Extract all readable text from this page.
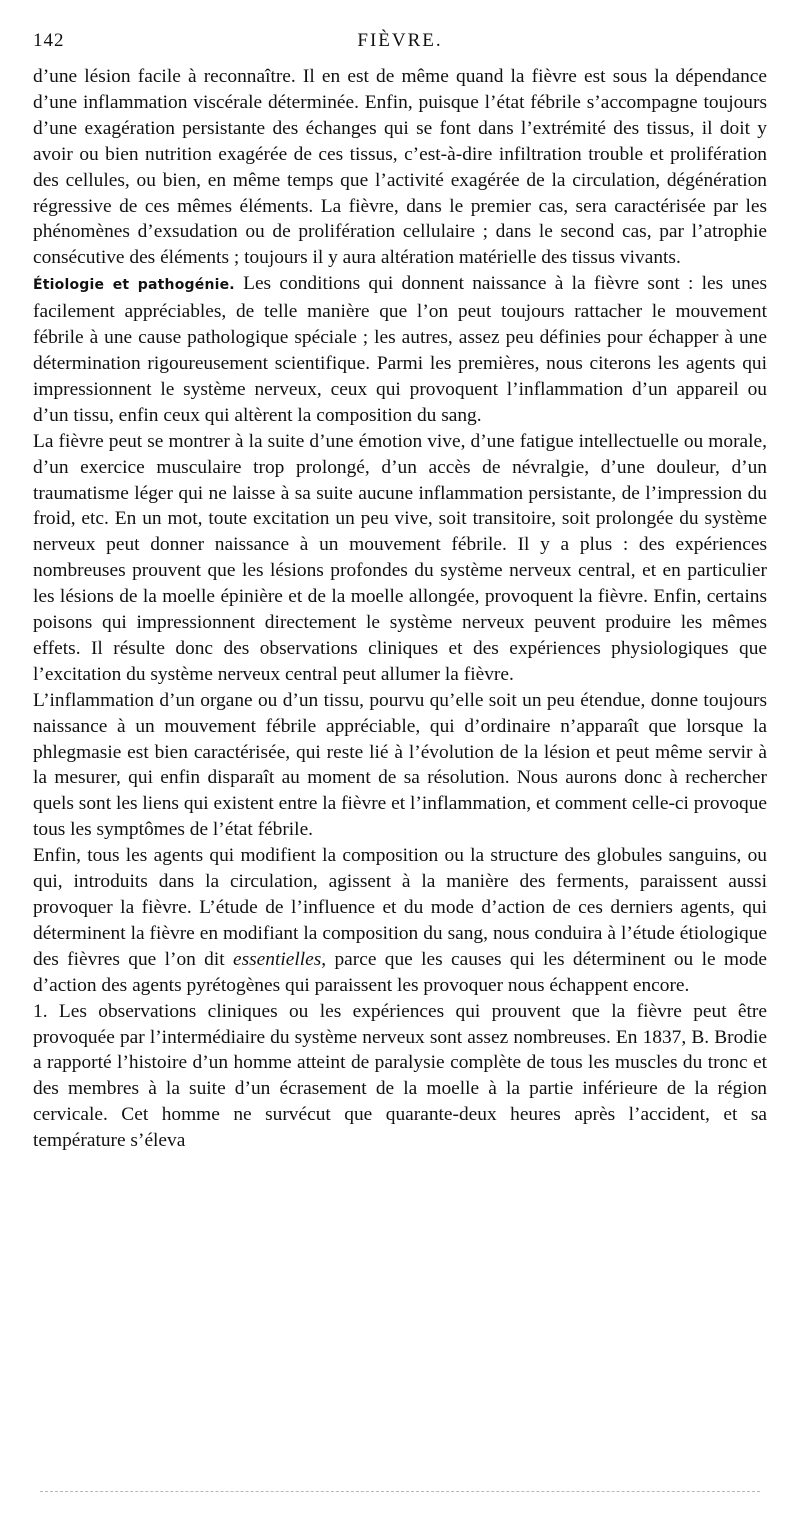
142	FIÈVRE.

d’une lésion facile à reconnaître. Il en est de même quand la fièvre est sous la dépendance d’une inflammation viscérale déterminée. Enfin, puisque l’état fébrile s’accompagne toujours d’une exagération persistante des échanges qui se font dans l’extrémité des tissus, il doit y avoir ou bien nutrition exagérée de ces tissus, c’est-à-dire infiltration trouble et prolifération des cellules, ou bien, en même temps que l’activité exagérée de la circulation, dégénération régressive de ces mêmes éléments. La fièvre, dans le premier cas, sera caractérisée par les phénomènes d’exsudation ou de prolifération cellulaire ; dans le second cas, par l’atrophie consécutive des éléments ; toujours il y aura altération matérielle des tissus vivants.

Étiologie et pathogénie. Les conditions qui donnent naissance à la fièvre sont : les unes facilement appréciables, de telle manière que l’on peut toujours rattacher le mouvement fébrile à une cause pathologique spéciale ; les autres, assez peu définies pour échapper à une détermination rigoureusement scientifique. Parmi les premières, nous citerons les agents qui impressionnent le système nerveux, ceux qui provoquent l’inflammation d’un appareil ou d’un tissu, enfin ceux qui altèrent la composition du sang.

La fièvre peut se montrer à la suite d’une émotion vive, d’une fatigue intellectuelle ou morale, d’un exercice musculaire trop prolongé, d’un accès de névralgie, d’une douleur, d’un traumatisme léger qui ne laisse à sa suite aucune inflammation persistante, de l’impression du froid, etc. En un mot, toute excitation un peu vive, soit transitoire, soit prolongée du système nerveux peut donner naissance à un mouvement fébrile. Il y a plus : des expériences nombreuses prouvent que les lésions profondes du système nerveux central, et en particulier les lésions de la moelle épinière et de la moelle allongée, provoquent la fièvre. Enfin, certains poisons qui impressionnent directement le système nerveux peuvent produire les mêmes effets. Il résulte donc des observations cliniques et des expériences physiologiques que l’excitation du système nerveux central peut allumer la fièvre.

L’inflammation d’un organe ou d’un tissu, pourvu qu’elle soit un peu étendue, donne toujours naissance à un mouvement fébrile appréciable, qui d’ordinaire n’apparaît que lorsque la phlegmasie est bien caractérisée, qui reste lié à l’évolution de la lésion et peut même servir à la mesurer, qui enfin disparaît au moment de sa résolution. Nous aurons donc à rechercher quels sont les liens qui existent entre la fièvre et l’inflammation, et comment celle-ci provoque tous les symptômes de l’état fébrile.

Enfin, tous les agents qui modifient la composition ou la structure des globules sanguins, ou qui, introduits dans la circulation, agissent à la manière des ferments, paraissent aussi provoquer la fièvre. L’étude de l’influence et du mode d’action de ces derniers agents, qui déterminent la fièvre en modifiant la composition du sang, nous conduira à l’étude étiologique des fièvres que l’on dit essentielles, parce que les causes qui les déterminent ou le mode d’action des agents pyrétogènes qui paraissent les provoquer nous échappent encore.

1. Les observations cliniques ou les expériences qui prouvent que la fièvre peut être provoquée par l’intermédiaire du système nerveux sont assez nombreuses. En 1837, B. Brodie a rapporté l’histoire d’un homme atteint de paralysie complète de tous les muscles du tronc et des membres à la suite d’un écrasement de la moelle à la partie inférieure de la région cervicale. Cet homme ne survécut que quarante-deux heures après l’accident, et sa température s’éleva
